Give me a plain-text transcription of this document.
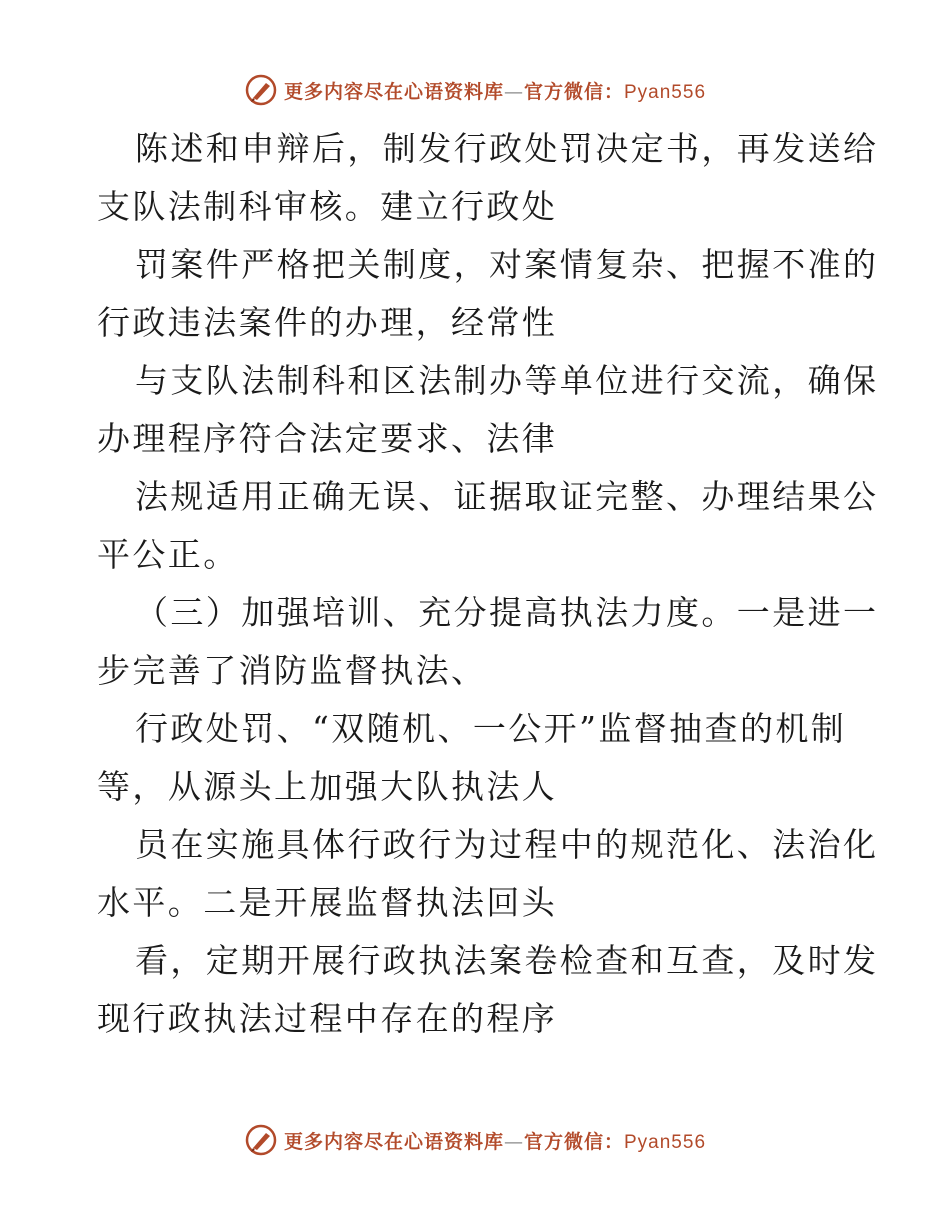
更多内容尽在心语资料库—官方微信：Pyan556
陈述和申辩后，制发行政处罚决定书，再发送给
支队法制科审核。建立行政处
罚案件严格把关制度，对案情复杂、把握不准的
行政违法案件的办理，经常性
与支队法制科和区法制办等单位进行交流，确保
办理程序符合法定要求、法律
法规适用正确无误、证据取证完整、办理结果公
平公正。
（三）加强培训、充分提高执法力度。一是进一
步完善了消防监督执法、
行政处罚、“双随机、一公开”监督抽查的机制
等，从源头上加强大队执法人
员在实施具体行政行为过程中的规范化、法治化
水平。二是开展监督执法回头
看，定期开展行政执法案卷检查和互查，及时发
现行政执法过程中存在的程序
更多内容尽在心语资料库—官方微信：Pyan556
